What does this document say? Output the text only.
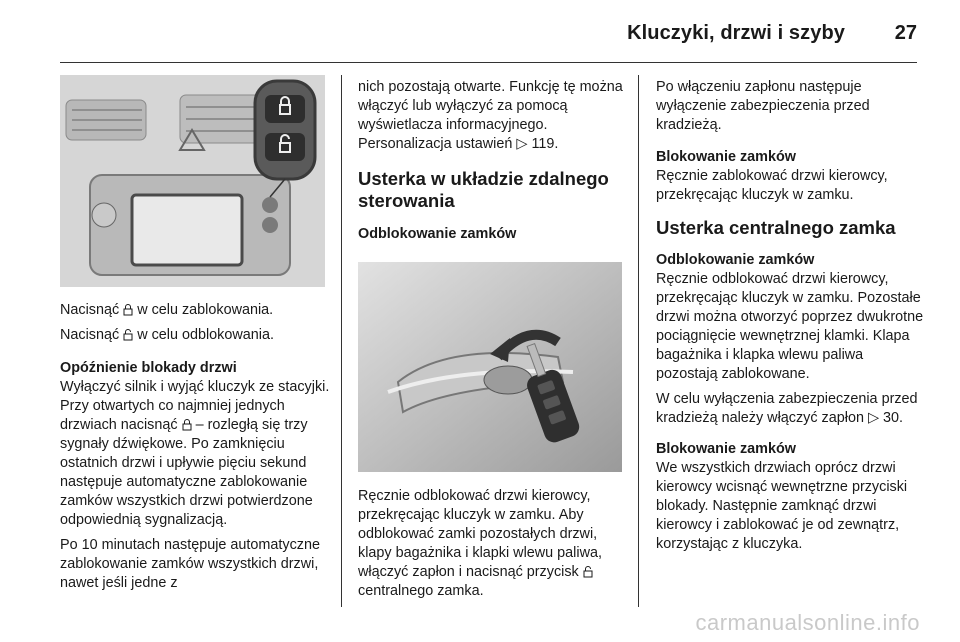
Kluczyki, drzwi i szyby 27

Nacisnąć w celu zablokowania.

Nacisnąć w celu odblokowania.

Opóźnienie blokady drzwi

Wyłączyć silnik i wyjąć kluczyk ze stacyjki. Przy otwartych co najmniej jednych drzwiach nacisnąć – rozległą się trzy sygnały dźwiękowe. Po zamknięciu ostatnich drzwi i upływie pięciu sekund następuje automatyczne zablokowanie zamków wszystkich drzwi potwierdzone odpowiednią sygnalizacją.

Po 10 minutach następuje automatyczne zablokowanie zamków wszystkich drzwi, nawet jeśli jedne z

nich pozostają otwarte. Funkcję tę można włączyć lub wyłączyć za pomocą wyświetlacza informacyjnego. Personalizacja ustawień ▷ 119.

Usterka w układzie zdalnego sterowania

Odblokowanie zamków

Ręcznie odblokować drzwi kierowcy, przekręcając kluczyk w zamku. Aby odblokować zamki pozostałych drzwi, klapy bagażnika i klapki wlewu paliwa, włączyć zapłon i nacisnąć przycisk  centralnego zamka.

Po włączeniu zapłonu następuje wyłączenie zabezpieczenia przed kradzieżą.

Blokowanie zamków

Ręcznie zablokować drzwi kierowcy, przekręcając kluczyk w zamku.

Usterka centralnego zamka

Odblokowanie zamków

Ręcznie odblokować drzwi kierowcy, przekręcając kluczyk w zamku. Pozostałe drzwi można otworzyć poprzez dwukrotne pociągnięcie wewnętrznej klamki. Klapa bagażnika i klapka wlewu paliwa pozostają zablokowane.

W celu wyłączenia zabezpieczenia przed kradzieżą należy włączyć zapłon ▷ 30.

Blokowanie zamków

We wszystkich drzwiach oprócz drzwi kierowcy wcisnąć wewnętrzne przyciski blokady. Następnie zamknąć drzwi kierowcy i zablokować je od zewnątrz, korzystając z kluczyka.

carmanualsonline.info
